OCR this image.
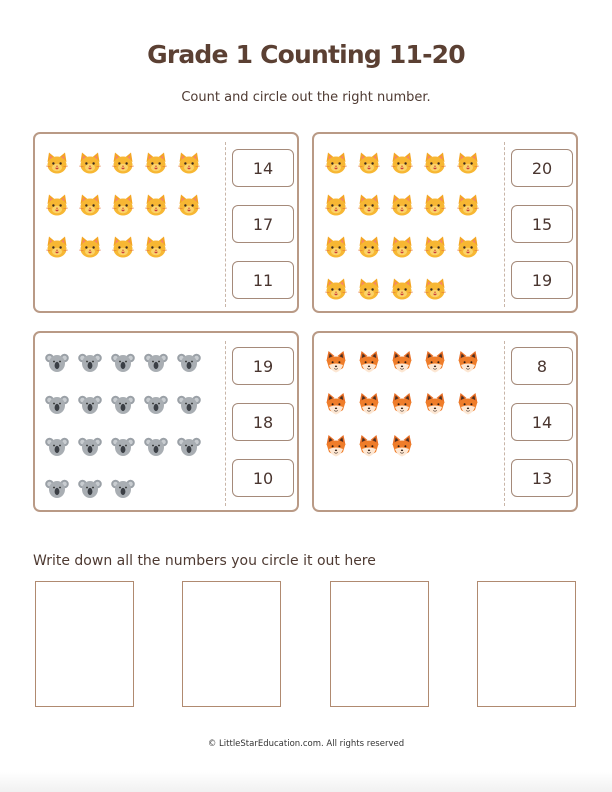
Grade 1 Counting 11-20
Count and circle out the right number.
14
17
11
20
15
19
19
18
10
8
14
13
Write down all the numbers you circle it out here
© LittleStarEducation.com. All rights reserved
